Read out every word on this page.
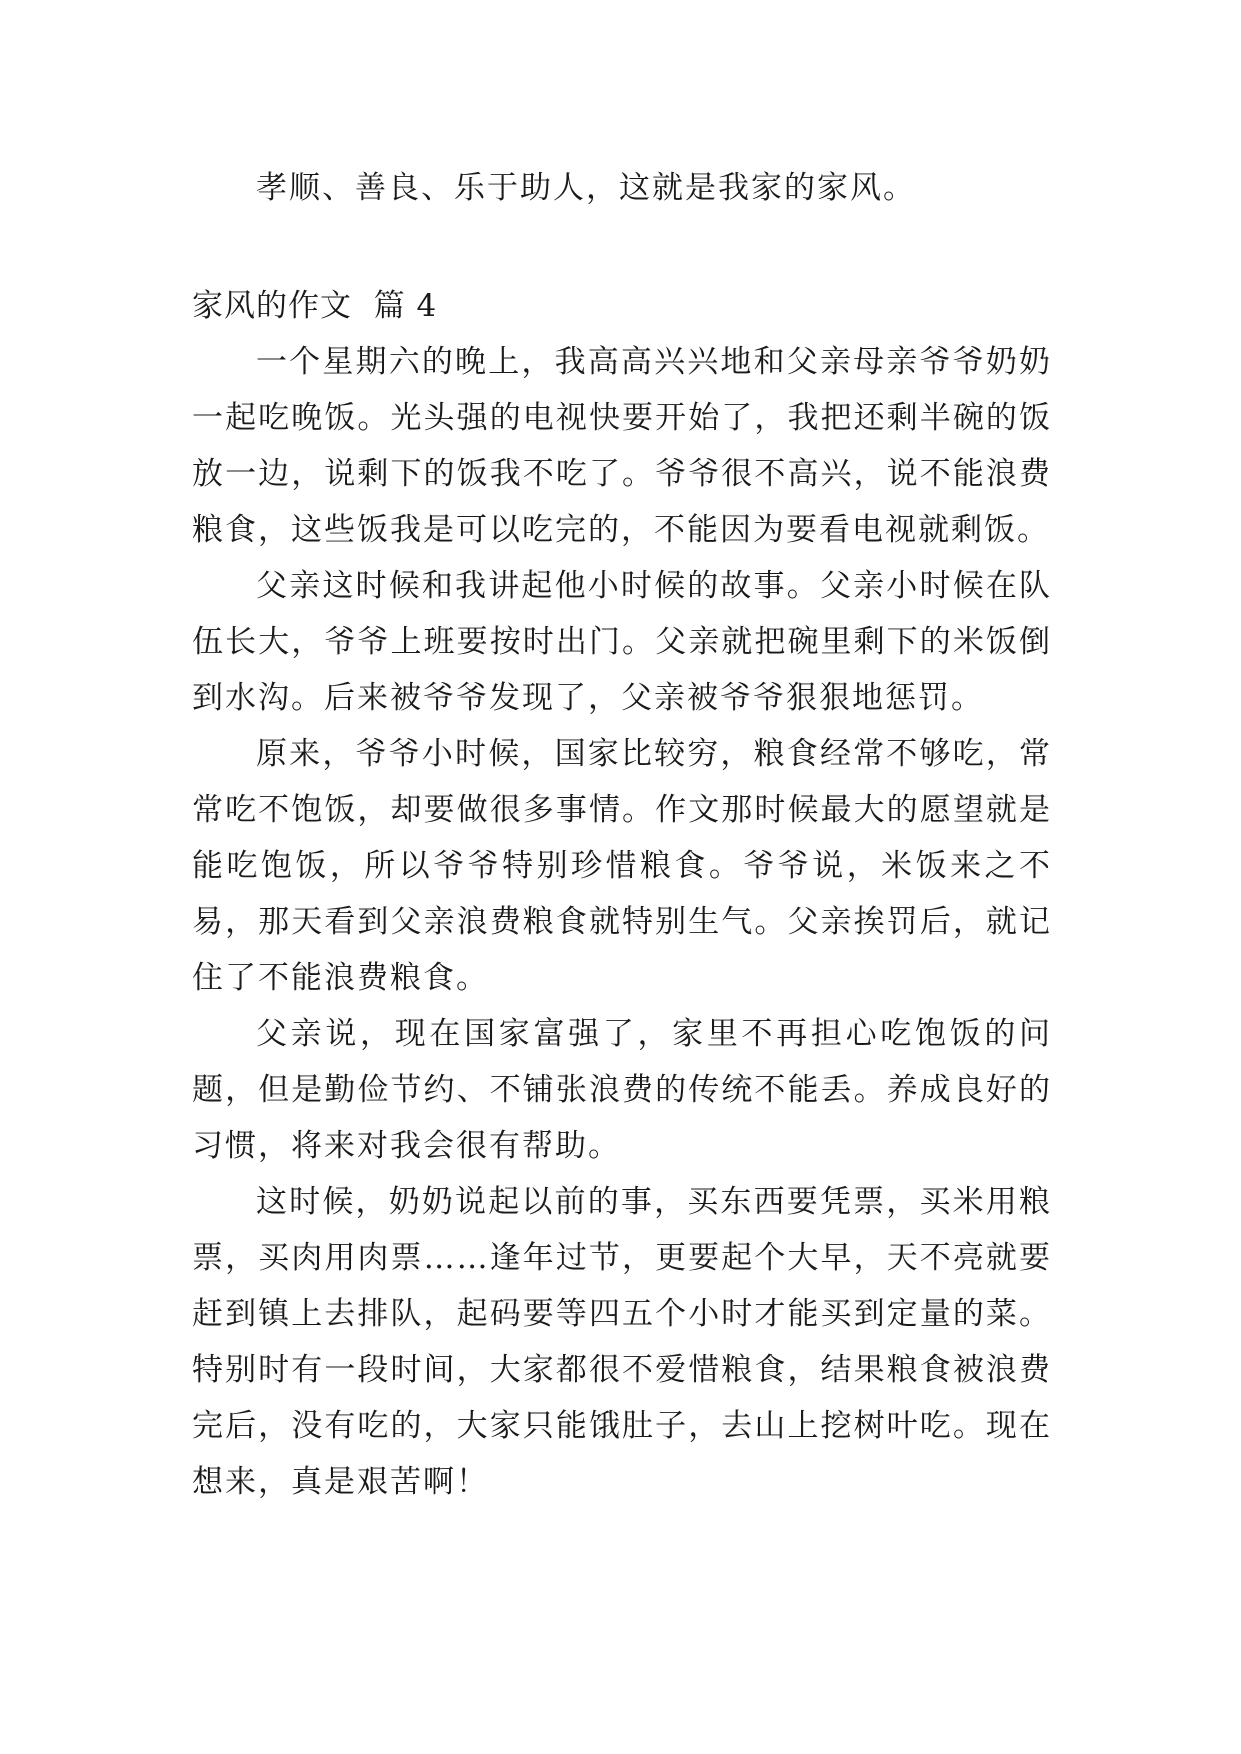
孝顺、善良、乐于助人，这就是我家的家风。

家风的作文  篇 4

一个星期六的晚上，我高高兴兴地和父亲母亲爷爷奶奶一起吃晚饭。光头强的电视快要开始了，我把还剩半碗的饭放一边，说剩下的饭我不吃了。爷爷很不高兴，说不能浪费粮食，这些饭我是可以吃完的，不能因为要看电视就剩饭。

父亲这时候和我讲起他小时候的故事。父亲小时候在队伍长大，爷爷上班要按时出门。父亲就把碗里剩下的米饭倒到水沟。后来被爷爷发现了，父亲被爷爷狠狠地惩罚。

原来，爷爷小时候，国家比较穷，粮食经常不够吃，常常吃不饱饭，却要做很多事情。作文那时候最大的愿望就是能吃饱饭，所以爷爷特别珍惜粮食。爷爷说，米饭来之不易，那天看到父亲浪费粮食就特别生气。父亲挨罚后，就记住了不能浪费粮食。

父亲说，现在国家富强了，家里不再担心吃饱饭的问题，但是勤俭节约、不铺张浪费的传统不能丢。养成良好的习惯，将来对我会很有帮助。

这时候，奶奶说起以前的事，买东西要凭票，买米用粮票，买肉用肉票……逢年过节，更要起个大早，天不亮就要赶到镇上去排队，起码要等四五个小时才能买到定量的菜。特别时有一段时间，大家都很不爱惜粮食，结果粮食被浪费完后，没有吃的，大家只能饿肚子，去山上挖树叶吃。现在想来，真是艰苦啊！
